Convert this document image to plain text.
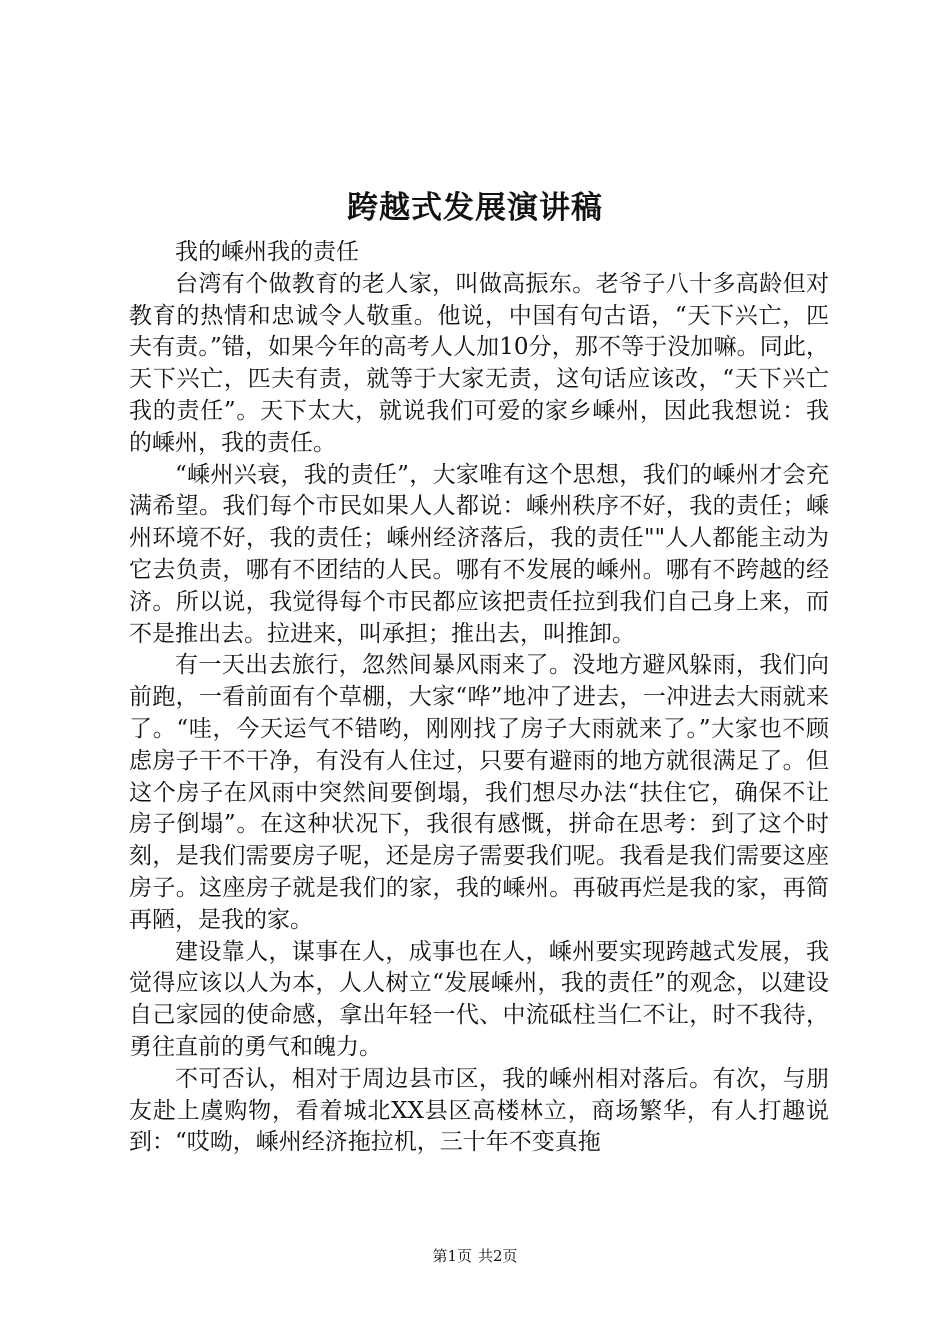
跨越式发展演讲稿

我的嵊州我的责任

台湾有个做教育的老人家，叫做高振东。老爷子八十多高龄但对教育的热情和忠诚令人敬重。他说，中国有句古语，“天下兴亡，匹夫有责。”错，如果今年的高考人人加10分，那不等于没加嘛。同此，天下兴亡，匹夫有责，就等于大家无责，这句话应该改，“天下兴亡我的责任”。天下太大，就说我们可爱的家乡嵊州，因此我想说：我的嵊州，我的责任。

“嵊州兴衰，我的责任”，大家唯有这个思想，我们的嵊州才会充满希望。我们每个市民如果人人都说：嵊州秩序不好，我的责任；嵊州环境不好，我的责任；嵊州经济落后，我的责任""人人都能主动为它去负责，哪有不团结的人民。哪有不发展的嵊州。哪有不跨越的经济。所以说，我觉得每个市民都应该把责任拉到我们自己身上来，而不是推出去。拉进来，叫承担；推出去，叫推卸。

有一天出去旅行，忽然间暴风雨来了。没地方避风躲雨，我们向前跑，一看前面有个草棚，大家“哗”地冲了进去，一冲进去大雨就来了。“哇，今天运气不错哟，刚刚找了房子大雨就来了。”大家也不顾虑房子干不干净，有没有人住过，只要有避雨的地方就很满足了。但这个房子在风雨中突然间要倒塌，我们想尽办法“扶住它，确保不让房子倒塌”。在这种状况下，我很有感慨，拼命在思考：到了这个时刻，是我们需要房子呢，还是房子需要我们呢。我看是我们需要这座房子。这座房子就是我们的家，我的嵊州。再破再烂是我的家，再简再陋，是我的家。

建设靠人，谋事在人，成事也在人，嵊州要实现跨越式发展，我觉得应该以人为本，人人树立“发展嵊州，我的责任”的观念，以建设自己家园的使命感，拿出年轻一代、中流砥柱当仁不让，时不我待，勇往直前的勇气和魄力。

不可否认，相对于周边县市区，我的嵊州相对落后。有次，与朋友赴上虞购物，看着城北XX县区高楼林立，商场繁华，有人打趣说到：“哎呦，嵊州经济拖拉机，三十年不变真拖

第1页 共2页
